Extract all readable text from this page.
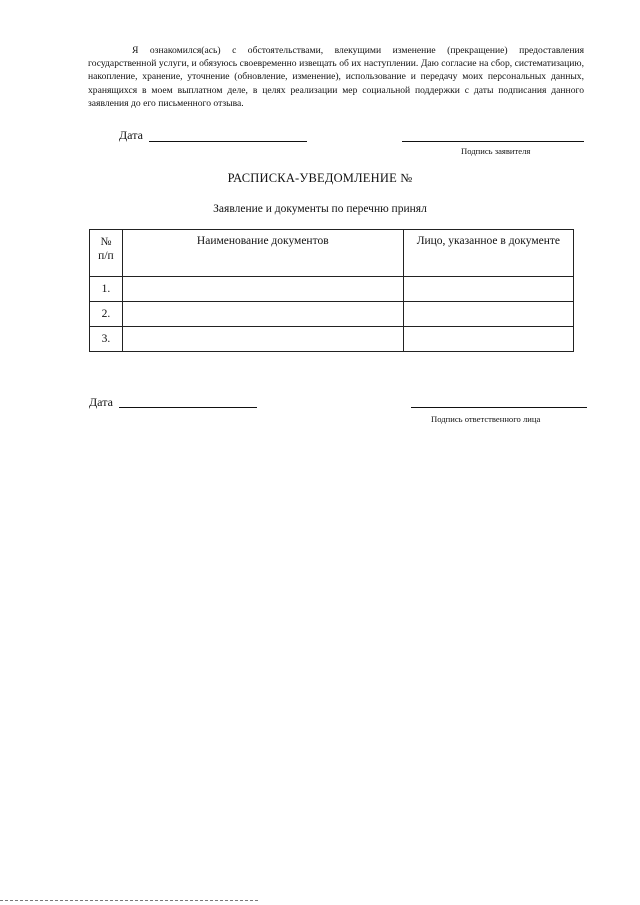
Я ознакомился(ась) с обстоятельствами, влекущими изменение (прекращение) предоставления государственной услуги, и обязуюсь своевременно извещать об их наступлении. Даю согласие на сбор, систематизацию, накопление, хранение, уточнение (обновление, изменение), использование и передачу моих персональных данных, хранящихся в моем выплатном деле, в целях реализации мер социальной поддержки с даты подписания данного заявления до его письменного отзыва.

Дата
Подпись заявителя
РАСПИСКА-УВЕДОМЛЕНИЕ №
Заявление и документы по перечню принял
№
п/п	Наименование документов	Лицо, указанное в документе
1.		
2.		
3.		
Дата
Подпись ответственного лица
